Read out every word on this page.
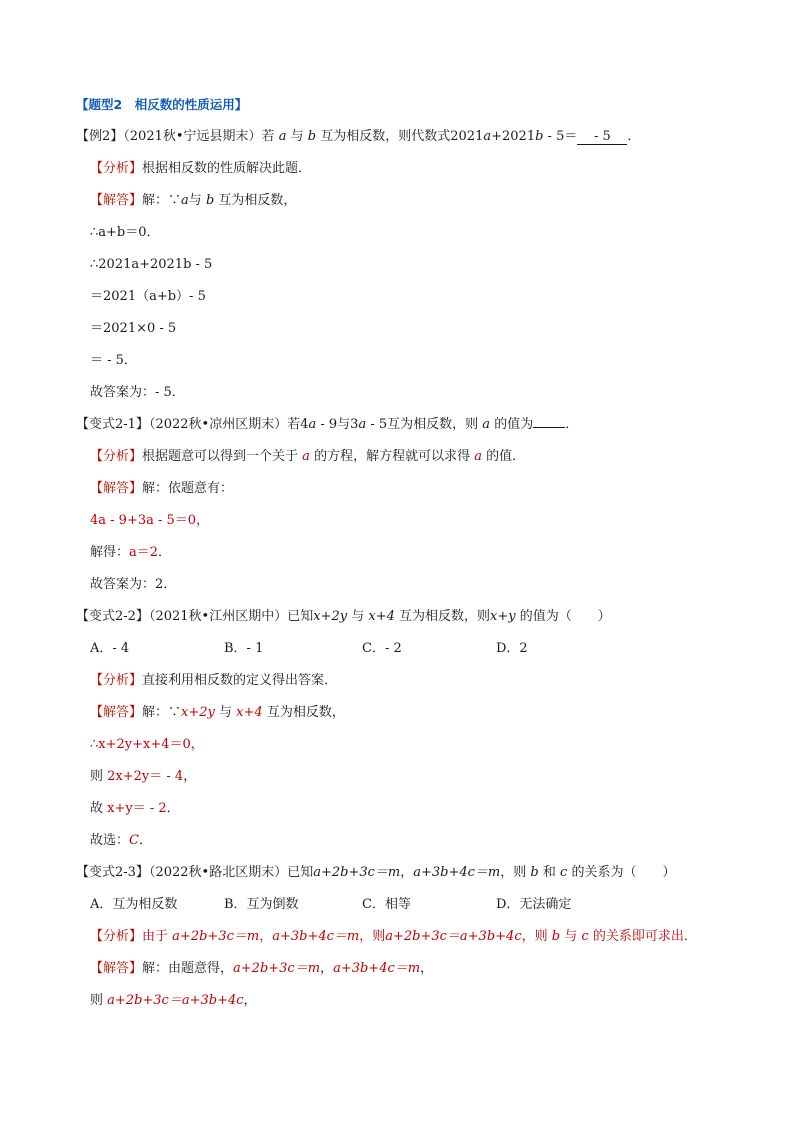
【题型2　相反数的性质运用】
【例2】（2021秋•宁远县期末）若 a 与 b 互为相反数，则代数式2021a+2021b - 5＝- 5 ．
【分析】根据相反数的性质解决此题．
【解答】解：∵a与 b 互为相反数，
∴a+b＝0．
∴2021a+2021b - 5
＝2021（a+b）- 5
＝2021×0 - 5
＝ - 5．
故答案为：- 5．
【变式2-1】（2022秋•凉州区期末）若4a - 9与3a - 5互为相反数，则 a 的值为 ．
【分析】根据题意可以得到一个关于 a 的方程，解方程就可以求得 a 的值．
【解答】解：依题意有：
4a - 9+3a - 5＝0，
解得：a＝2．
故答案为：2．
【变式2-2】（2021秋•江州区期中）已知x+2y 与 x+4 互为相反数，则x+y 的值为（　　）
A．- 4	B．- 1	C．- 2	D．2
【分析】直接利用相反数的定义得出答案．
【解答】解：∵x+2y 与 x+4 互为相反数，
∴x+2y+x+4＝0，
则 2x+2y＝ - 4，
故 x+y＝ - 2．
故选：C．
【变式2-3】（2022秋•路北区期末）已知a+2b+3c＝m，a+3b+4c＝m，则 b 和 c 的关系为（　　）
A．互为相反数	B．互为倒数	C．相等	D．无法确定
【分析】由于 a+2b+3c＝m，a+3b+4c＝m，则a+2b+3c＝a+3b+4c，则 b 与 c 的关系即可求出．
【解答】解：由题意得，a+2b+3c＝m，a+3b+4c＝m，
则 a+2b+3c＝a+3b+4c，
